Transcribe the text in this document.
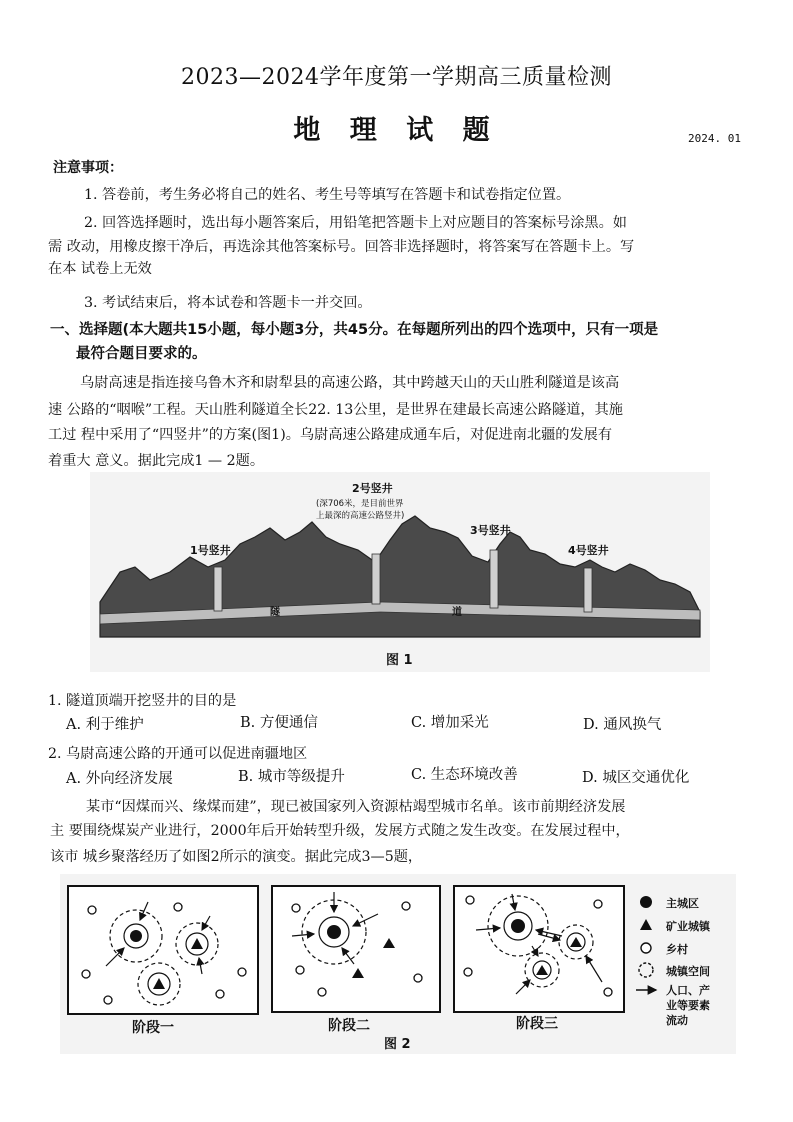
2023—2024学年度第一学期高三质量检测
地 理 试 题	2024. 01
注意事项：
1. 答卷前，考生务必将自己的姓名、考生号等填写在答题卡和试卷指定位置。
2. 回答选择题时，选出每小题答案后，用铅笔把答题卡上对应题目的答案标号涂黑。如
需 改动，用橡皮擦干净后，再选涂其他答案标号。回答非选择题时，将答案写在答题卡上。写
在本 试卷上无效
3. 考试结束后，将本试卷和答题卡一并交回。
一、选择题(本大题共15小题，每小题3分，共45分。在每题所列出的四个选项中，只有一项是
最符合题目要求的。
乌尉高速是指连接乌鲁木齐和尉犁县的高速公路，其中跨越天山的天山胜利隧道是该高
速 公路的“咽喉”工程。天山胜利隧道全长22. 13公里，是世界在建最长高速公路隧道，其施
工过 程中采用了“四竖井”的方案(图1)。乌尉高速公路建成通车后，对促进南北疆的发展有
着重大 意义。据此完成1 — 2题。
1号竖井
2号竖井
(深706米，是目前世界
上最深的高速公路竖井)
3号竖井
4号竖井
隧	道
图 1
1. 隧道顶端开挖竖井的目的是
A. 利于维护	B. 方便通信	C. 增加采光	D. 通风换气
2. 乌尉高速公路的开通可以促进南疆地区
A. 外向经济发展	B. 城市等级提升	C. 生态环境改善	D. 城区交通优化
某市“因煤而兴、缘煤而建”，现已被国家列入资源枯竭型城市名单。该市前期经济发展
主 要围绕煤炭产业进行，2000年后开始转型升级，发展方式随之发生改变。在发展过程中，
该市 城乡聚落经历了如图2所示的演变。据此完成3—5题，
阶段一	阶段二	阶段三
主城区
矿业城镇
乡村
城镇空间
人口、产
业等要素
流动
图 2
